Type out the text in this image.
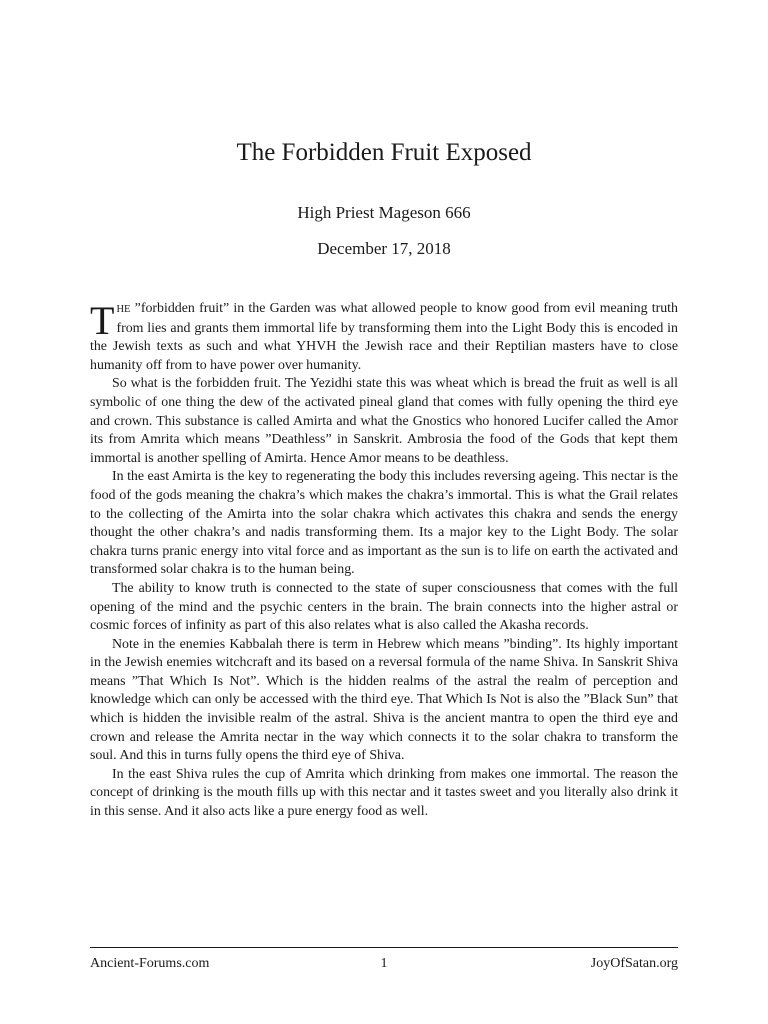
The Forbidden Fruit Exposed
High Priest Mageson 666
December 17, 2018

THE ”forbidden fruit” in the Garden was what allowed people to know good from evil meaning truth from lies and grants them immortal life by transforming them into the Light Body this is encoded in the Jewish texts as such and what YHVH the Jewish race and their Reptilian masters have to close humanity off from to have power over humanity.

So what is the forbidden fruit. The Yezidhi state this was wheat which is bread the fruit as well is all symbolic of one thing the dew of the activated pineal gland that comes with fully opening the third eye and crown. This substance is called Amirta and what the Gnostics who honored Lucifer called the Amor its from Amrita which means ”Deathless” in Sanskrit. Ambrosia the food of the Gods that kept them immortal is another spelling of Amirta. Hence Amor means to be deathless.

In the east Amirta is the key to regenerating the body this includes reversing ageing. This nectar is the food of the gods meaning the chakra’s which makes the chakra’s immortal. This is what the Grail relates to the collecting of the Amirta into the solar chakra which activates this chakra and sends the energy thought the other chakra’s and nadis transforming them. Its a major key to the Light Body. The solar chakra turns pranic energy into vital force and as important as the sun is to life on earth the activated and transformed solar chakra is to the human being.

The ability to know truth is connected to the state of super consciousness that comes with the full opening of the mind and the psychic centers in the brain. The brain connects into the higher astral or cosmic forces of infinity as part of this also relates what is also called the Akasha records.

Note in the enemies Kabbalah there is term in Hebrew which means ”binding”. Its highly important in the Jewish enemies witchcraft and its based on a reversal formula of the name Shiva. In Sanskrit Shiva means ”That Which Is Not”. Which is the hidden realms of the astral the realm of perception and knowledge which can only be accessed with the third eye. That Which Is Not is also the ”Black Sun” that which is hidden the invisible realm of the astral. Shiva is the ancient mantra to open the third eye and crown and release the Amrita nectar in the way which connects it to the solar chakra to transform the soul. And this in turns fully opens the third eye of Shiva.

In the east Shiva rules the cup of Amrita which drinking from makes one immortal. The reason the concept of drinking is the mouth fills up with this nectar and it tastes sweet and you literally also drink it in this sense. And it also acts like a pure energy food as well.

Ancient-Forums.com	1	JoyOfSatan.org
